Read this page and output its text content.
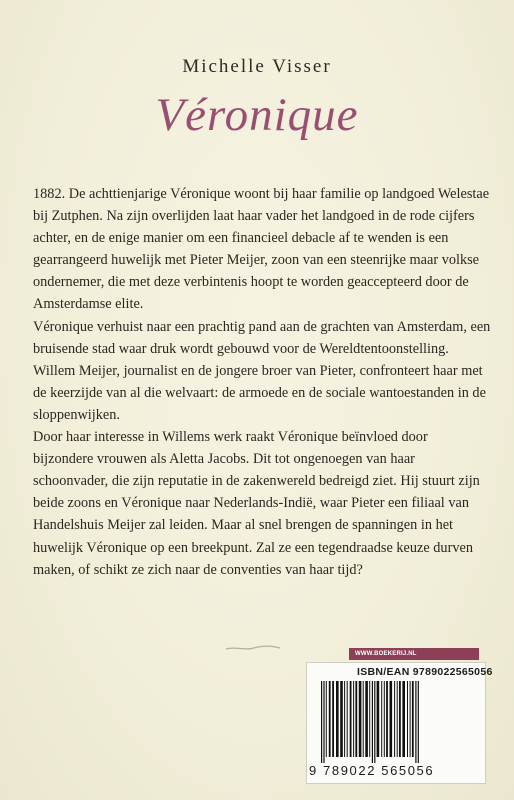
Michelle Visser
Véronique

1882. De achttienjarige Véronique woont bij haar familie op landgoed Welestae bij Zutphen. Na zijn overlijden laat haar vader het landgoed in de rode cijfers achter, en de enige manier om een financieel debacle af te wenden is een gearrangeerd huwelijk met Pieter Meijer, zoon van een steenrijke maar volkse ondernemer, die met deze verbintenis hoopt te worden geaccepteerd door de Amsterdamse elite.

Véronique verhuist naar een prachtig pand aan de grachten van Amsterdam, een bruisende stad waar druk wordt gebouwd voor de Wereldtentoonstelling. Willem Meijer, journalist en de jongere broer van Pieter, confronteert haar met de keerzijde van al die welvaart: de armoede en de sociale wantoestanden in de sloppenwijken.

Door haar interesse in Willems werk raakt Véronique beïnvloed door bijzondere vrouwen als Aletta Jacobs. Dit tot ongenoegen van haar schoonvader, die zijn reputatie in de zakenwereld bedreigd ziet. Hij stuurt zijn beide zoons en Véronique naar Nederlands-Indië, waar Pieter een filiaal van Handelshuis Meijer zal leiden. Maar al snel brengen de spanningen in het huwelijk Véronique op een breekpunt. Zal ze een tegendraadse keuze durven maken, of schikt ze zich naar de conventies van haar tijd?

WWW.BOEKERIJ.NL
ISBN/EAN 9789022565056
9 789022 565056
